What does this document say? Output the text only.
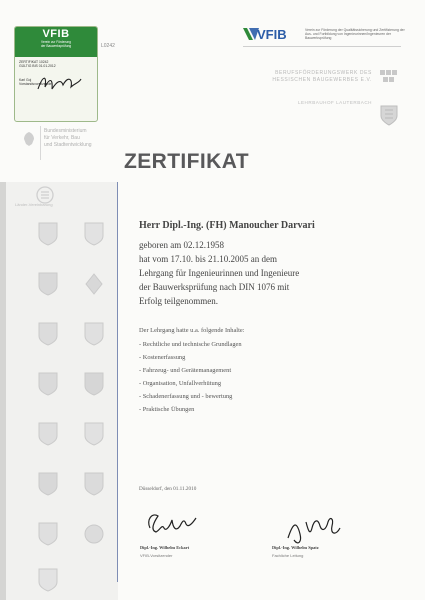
VFIB
Verein zur Förderung
der Bauwerksprüfung
ZERTIFIKAT 10242
GÜLTIG BIS 01.01.2012
Karl Goj
Vorstandsvorsitzender
L0242
VFIB	Verein zur Förderung der Qualitätssicherung und Zertifizierung der Aus- und Fortbildung von Ingenieurinnen/Ingenieuren der Bauwerksprüfung
BERUFSFÖRDERUNGSWERK DES
HESSISCHEN BAUGEWERBES E.V.
LEHRBAUHOF LAUTERBACH
Bundesministerium
für Verkehr, Bau
und Stadtentwicklung
ZERTIFIKAT
Länder-Vereinbarung
Herr Dipl.-Ing. (FH) Manoucher Darvari
geboren am 02.12.1958
hat vom 17.10. bis 21.10.2005 an dem
Lehrgang für Ingenieurinnen und Ingenieure
der Bauwerksprüfung nach DIN 1076 mit
Erfolg teilgenommen.
Der Lehrgang hatte u.a. folgende Inhalte:
- Rechtliche und technische Grundlagen
- Kostenerfassung
- Fahrzeug- und Gerätemanagement
- Organisation, Unfallverhütung
- Schadenerfassung und - bewertung
- Praktische Übungen
Düsseldorf, den 01.11.2010
Dipl.-Ing. Wilhelm Eckart
VFIB-Vorsitzender
Dipl.-Ing. Wilhelm Spatz
Fachliche Leitung
